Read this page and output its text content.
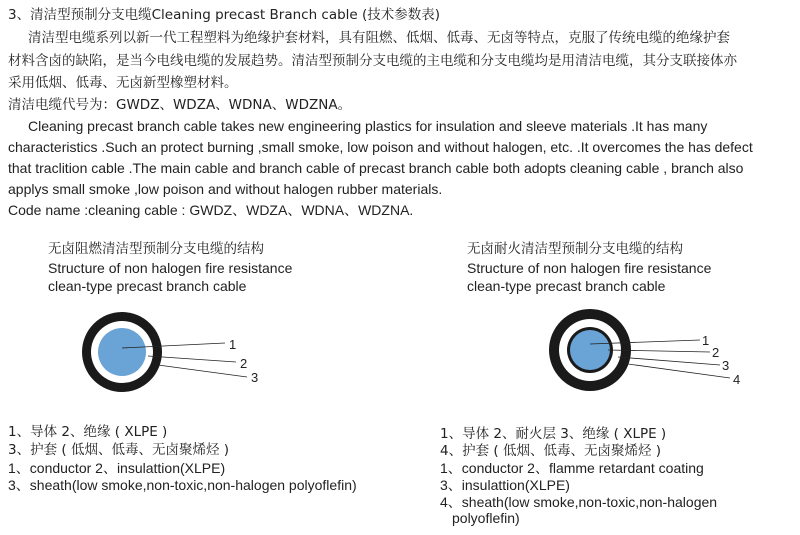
3、清洁型预制分支电缆Cleaning precast Branch cable (技术参数表)
清洁型电缆系列以新一代工程塑料为绝缘护套材料，具有阻燃、低烟、低毒、无卤等特点，克服了传统电缆的绝缘护套
材料含卤的缺陷，是当今电线电缆的发展趋势。清洁型预制分支电缆的主电缆和分支电缆均是用清洁电缆，其分支联接体亦
采用低烟、低毒、无卤新型橡塑材料。
清洁电缆代号为：GWDZ、WDZA、WDNA、WDZNA。
Cleaning precast branch cable takes new engineering plastics for insulation and sleeve materials .It has many
characteristics .Such an protect burning ,small smoke, low poison and without halogen, etc. .It overcomes the has defect
that traclition cable .The main cable and branch cable of precast branch cable both adopts cleaning cable , branch also
applys small smoke ,low poison and without halogen rubber materials.
Code name :cleaning cable : GWDZ、WDZA、WDNA、WDZNA.
无卤阻燃清洁型预制分支电缆的结构
Structure of non halogen fire resistance
clean-type precast branch cable
1
2
3
1
2
3
4
1、导体 2、绝缘 ( XLPE )
3、护套 ( 低烟、低毒、无卤聚烯烃 )
1、conductor 2、insulattion(XLPE)
3、sheath(low smoke,non-toxic,non-halogen polyoflefin)
无卤耐火清洁型预制分支电缆的结构
Structure of non halogen fire resistance
clean-type precast branch cable
1、导体 2、耐火层 3、绝缘 ( XLPE )
4、护套 ( 低烟、低毒、无卤聚烯烃 )
1、conductor 2、flamme retardant coating
3、insulattion(XLPE)
4、sheath(low smoke,non-toxic,non-halogen
polyoflefin)
